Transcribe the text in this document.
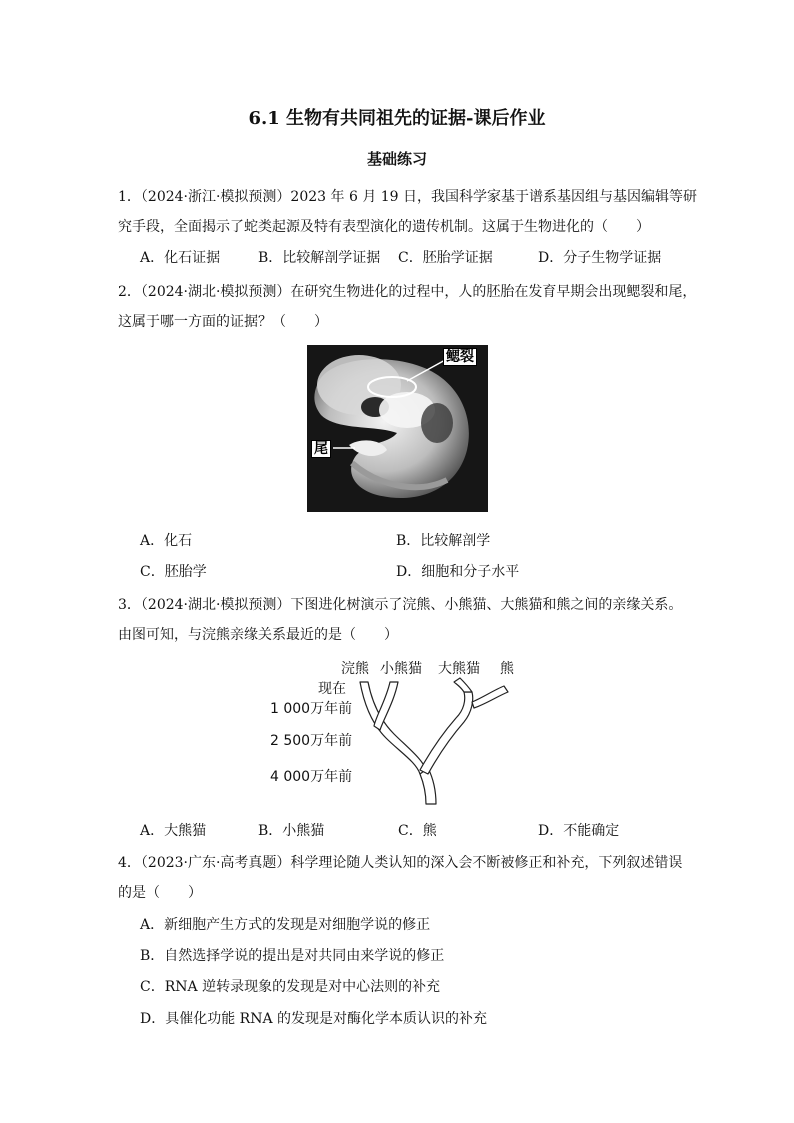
6.1 生物有共同祖先的证据-课后作业
基础练习
1．（2024·浙江·模拟预测）2023 年 6 月 19 日，我国科学家基于谱系基因组与基因编辑等研
究手段，全面揭示了蛇类起源及特有表型演化的遗传机制。这属于生物进化的（　　）
A．化石证据	B．比较解剖学证据 C．胚胎学证据	D．分子生物学证据
2．（2024·湖北·模拟预测）在研究生物进化的过程中，人的胚胎在发育早期会出现鳃裂和尾，
这属于哪一方面的证据？（　　）
鳃裂
尾
A．化石	B．比较解剖学
C．胚胎学	D．细胞和分子水平
3．（2024·湖北·模拟预测）下图进化树演示了浣熊、小熊猫、大熊猫和熊之间的亲缘关系。
由图可知，与浣熊亲缘关系最近的是（　　）
浣熊 小熊猫 大熊猫 熊
现在
1 000万年前
2 500万年前
4 000万年前
A．大熊猫	B．小熊猫	C．熊	D．不能确定
4．（2023·广东·高考真题）科学理论随人类认知的深入会不断被修正和补充，下列叙述错误
的是（　　）
A．新细胞产生方式的发现是对细胞学说的修正
B．自然选择学说的提出是对共同由来学说的修正
C．RNA 逆转录现象的发现是对中心法则的补充
D．具催化功能 RNA 的发现是对酶化学本质认识的补充
